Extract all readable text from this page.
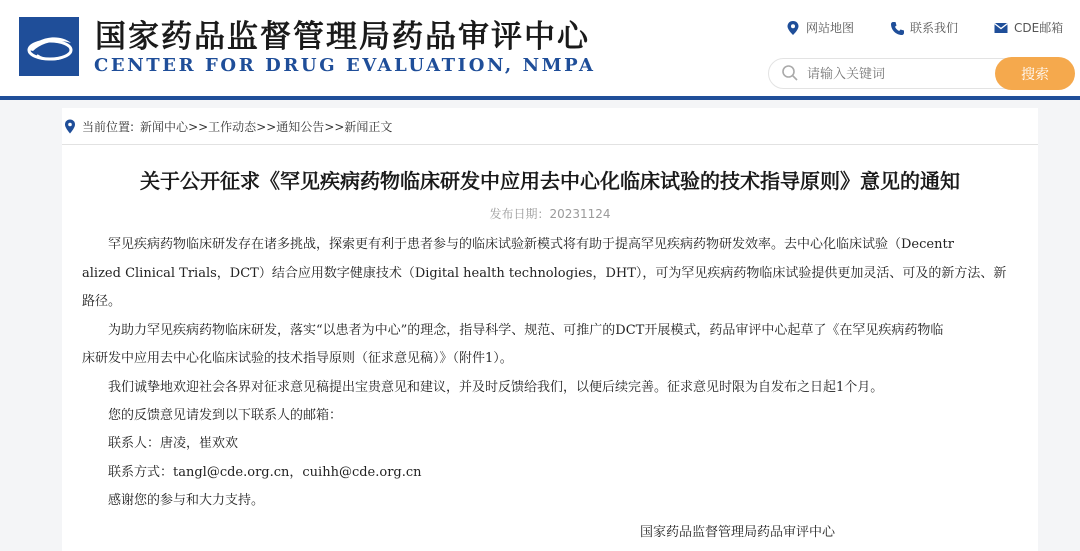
国家药品监督管理局药品审评中心
CENTER FOR DRUG EVALUATION, NMPA
网站地图	联系我们	CDE邮箱
请输入关键词
搜索
当前位置: 新闻中心>>工作动态>>通知公告>>新闻正文
关于公开征求《罕见疾病药物临床研发中应用去中心化临床试验的技术指导原则》意见的通知
发布日期：20231124
　　罕见疾病药物临床研发存在诸多挑战，探索更有利于患者参与的临床试验新模式将有助于提高罕见疾病药物研发效率。去中心化临床试验（Decentr
alized Clinical Trials，DCT）结合应用数字健康技术（Digital health technologies，DHT），可为罕见疾病药物临床试验提供更加灵活、可及的新方法、新
路径。
　　为助力罕见疾病药物临床研发，落实“以患者为中心”的理念，指导科学、规范、可推广的DCT开展模式，药品审评中心起草了《在罕见疾病药物临
床研发中应用去中心化临床试验的技术指导原则（征求意见稿）》（附件1）。
　　我们诚挚地欢迎社会各界对征求意见稿提出宝贵意见和建议，并及时反馈给我们，以便后续完善。征求意见时限为自发布之日起1个月。
　　您的反馈意见请发到以下联系人的邮箱：
　　联系人：唐凌，崔欢欢
　　联系方式：tangl@cde.org.cn，cuihh@cde.org.cn
　　感谢您的参与和大力支持。
国家药品监督管理局药品审评中心
